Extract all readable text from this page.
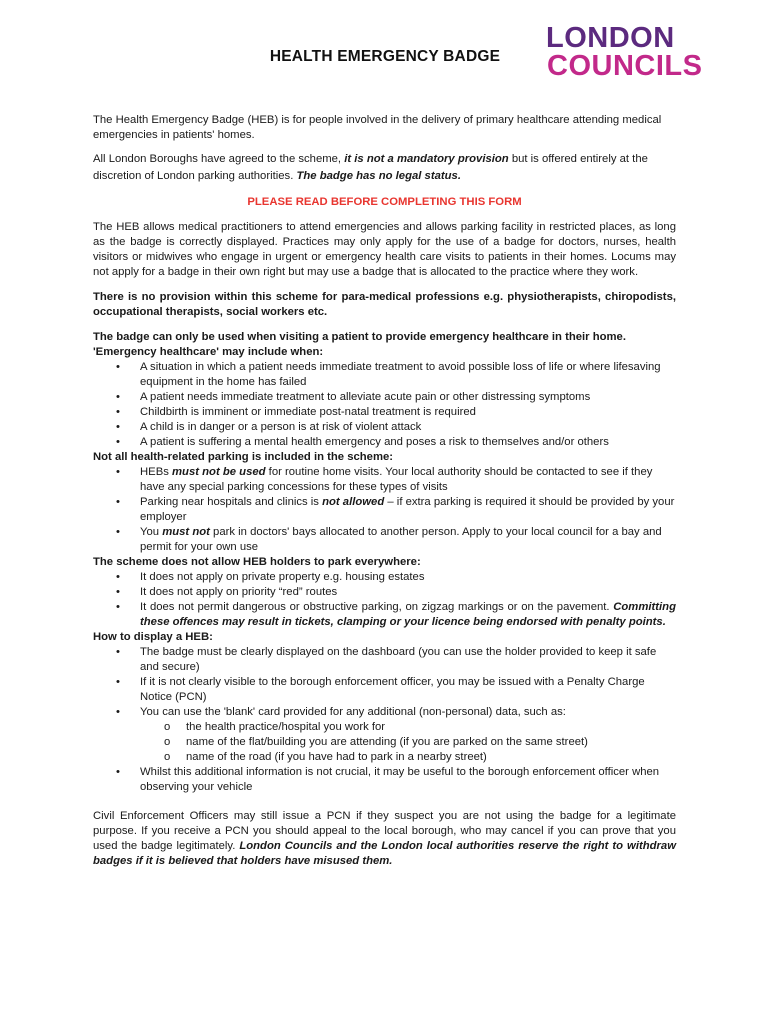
HEALTH EMERGENCY BADGE
LONDON
COUNCILS

The Health Emergency Badge (HEB) is for people involved in the delivery of primary healthcare attending medical emergencies in patients' homes.

All London Boroughs have agreed to the scheme, it is not a mandatory provision but is offered entirely at the discretion of London parking authorities. The badge has no legal status.

PLEASE READ BEFORE COMPLETING THIS FORM

The HEB allows medical practitioners to attend emergencies and allows parking facility in restricted places, as long as the badge is correctly displayed. Practices may only apply for the use of a badge for doctors, nurses, health visitors or midwives who engage in urgent or emergency health care visits to patients in their homes. Locums may not apply for a badge in their own right but may use a badge that is allocated to the practice where they work.

There is no provision within this scheme for para-medical professions e.g. physiotherapists, chiropodists, occupational therapists, social workers etc.

The badge can only be used when visiting a patient to provide emergency healthcare in their home.

'Emergency healthcare' may include when:

• A situation in which a patient needs immediate treatment to avoid possible loss of life or where lifesaving equipment in the home has failed
• A patient needs immediate treatment to alleviate acute pain or other distressing symptoms
• Childbirth is imminent or immediate post-natal treatment is required
• A child is in danger or a person is at risk of violent attack
• A patient is suffering a mental health emergency and poses a risk to themselves and/or others

Not all health-related parking is included in the scheme:

• HEBs must not be used for routine home visits. Your local authority should be contacted to see if they have any special parking concessions for these types of visits
• Parking near hospitals and clinics is not allowed – if extra parking is required it should be provided by your employer
• You must not park in doctors' bays allocated to another person. Apply to your local council for a bay and permit for your own use

The scheme does not allow HEB holders to park everywhere:

• It does not apply on private property e.g. housing estates
• It does not apply on priority “red” routes
• It does not permit dangerous or obstructive parking, on zigzag markings or on the pavement. Committing these offences may result in tickets, clamping or your licence being endorsed with penalty points.

How to display a HEB:

• The badge must be clearly displayed on the dashboard (you can use the holder provided to keep it safe and secure)
• If it is not clearly visible to the borough enforcement officer, you may be issued with a Penalty Charge Notice (PCN)
• You can use the 'blank' card provided for any additional (non-personal) data, such as:
o the health practice/hospital you work for
o name of the flat/building you are attending (if you are parked on the same street)
o name of the road (if you have had to park in a nearby street)
• Whilst this additional information is not crucial, it may be useful to the borough enforcement officer when observing your vehicle

Civil Enforcement Officers may still issue a PCN if they suspect you are not using the badge for a legitimate purpose. If you receive a PCN you should appeal to the local borough, who may cancel if you can prove that you used the badge legitimately. London Councils and the London local authorities reserve the right to withdraw badges if it is believed that holders have misused them.
